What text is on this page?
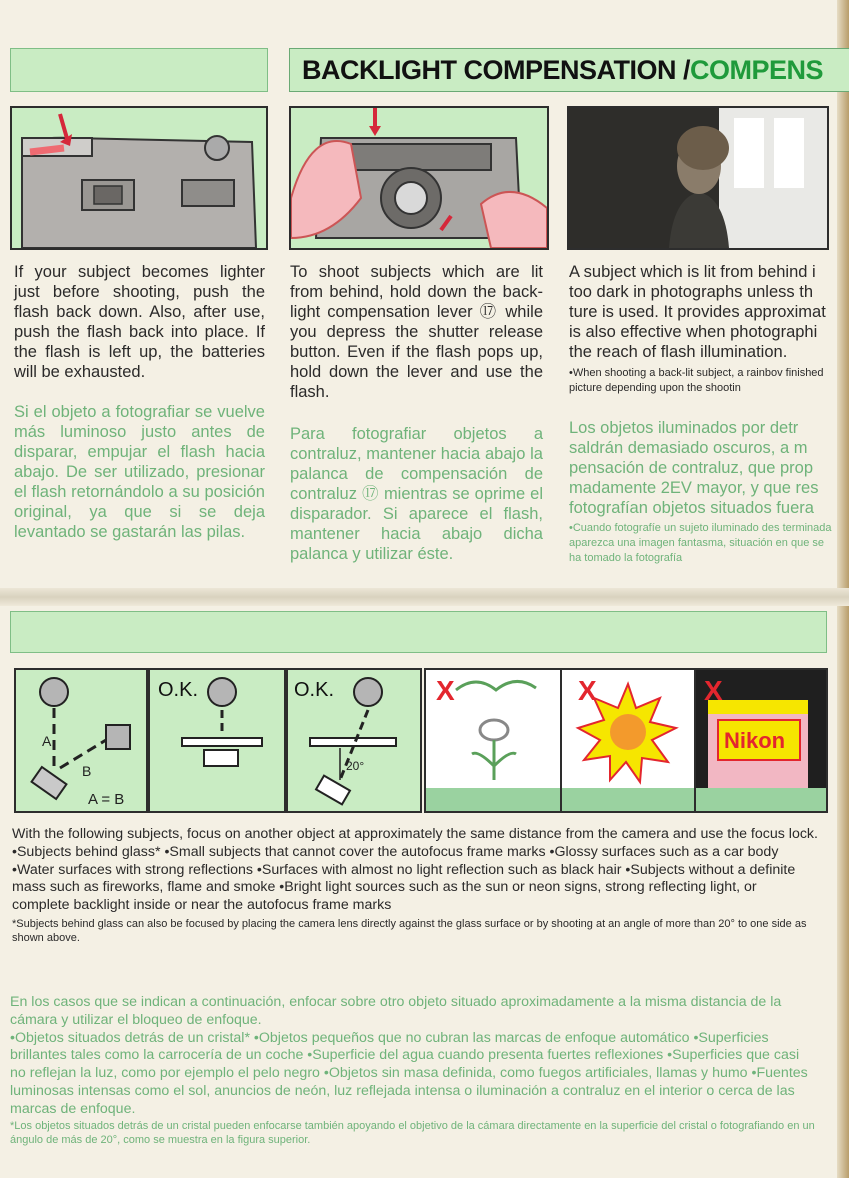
BACKLIGHT COMPENSATION /COMPENS
If your subject becomes lighter just before shooting, push the flash back down. Also, after use, push the flash back into place. If the flash is left up, the batteries will be exhausted.
Si el objeto a fotografiar se vuelve más luminoso justo antes de disparar, empujar el flash hacia abajo. De ser utilizado, presionar el flash retornándolo a su posición original, ya que si se deja levantado se gastarán las pilas.
To shoot subjects which are lit from behind, hold down the back-light compensation lever ⑰ while you depress the shutter release button. Even if the flash pops up, hold down the lever and use the flash.
Para fotografiar objetos a contraluz, mantener hacia abajo la palanca de compensación de contraluz ⑰ mientras se oprime el disparador. Si aparece el flash, mantener hacia abajo dicha palanca y utilizar éste.
A subject which is lit from behind i too dark in photographs unless th ture is used. It provides approximat is also effective when photographi the reach of flash illumination.
•When shooting a back-lit subject, a rainbov finished picture depending upon the shootin
Los objetos iluminados por detr saldrán demasiado oscuros, a m pensación de contraluz, que prop madamente 2EV mayor, y que res fotografían objetos situados fuera
•Cuando fotografíe un sujeto iluminado des terminada aparezca una imagen fantasma, situación en que se ha tomado la fotografía
A
B
A = B
O.K.	O.K.
20°
X	X
Nikon
X

With the following subjects, focus on another object at approximately the same distance from the camera and use the focus lock.

•Subjects behind glass* •Small subjects that cannot cover the autofocus frame marks •Glossy surfaces such as a car body •Water surfaces with strong reflections •Surfaces with almost no light reflection such as black hair •Subjects without a definite mass such as fireworks, flame and smoke •Bright light sources such as the sun or neon signs, strong reflecting light, or complete backlight inside or near the autofocus frame marks

*Subjects behind glass can also be focused by placing the camera lens directly against the glass surface or by shooting at an angle of more than 20° to one side as shown above.

En los casos que se indican a continuación, enfocar sobre otro objeto situado aproximadamente a la misma distancia de la cámara y utilizar el bloqueo de enfoque.

•Objetos situados detrás de un cristal* •Objetos pequeños que no cubran las marcas de enfoque automático •Superficies brillantes tales como la carrocería de un coche •Superficie del agua cuando presenta fuertes reflexiones •Superficies que casi no reflejan la luz, como por ejemplo el pelo negro •Objetos sin masa definida, como fuegos artificiales, llamas y humo •Fuentes luminosas intensas como el sol, anuncios de neón, luz reflejada intensa o iluminación a contraluz en el interior o cerca de las marcas de enfoque.

*Los objetos situados detrás de un cristal pueden enfocarse también apoyando el objetivo de la cámara directamente en la superficie del cristal o fotografiando en un ángulo de más de 20°, como se muestra en la figura superior.
